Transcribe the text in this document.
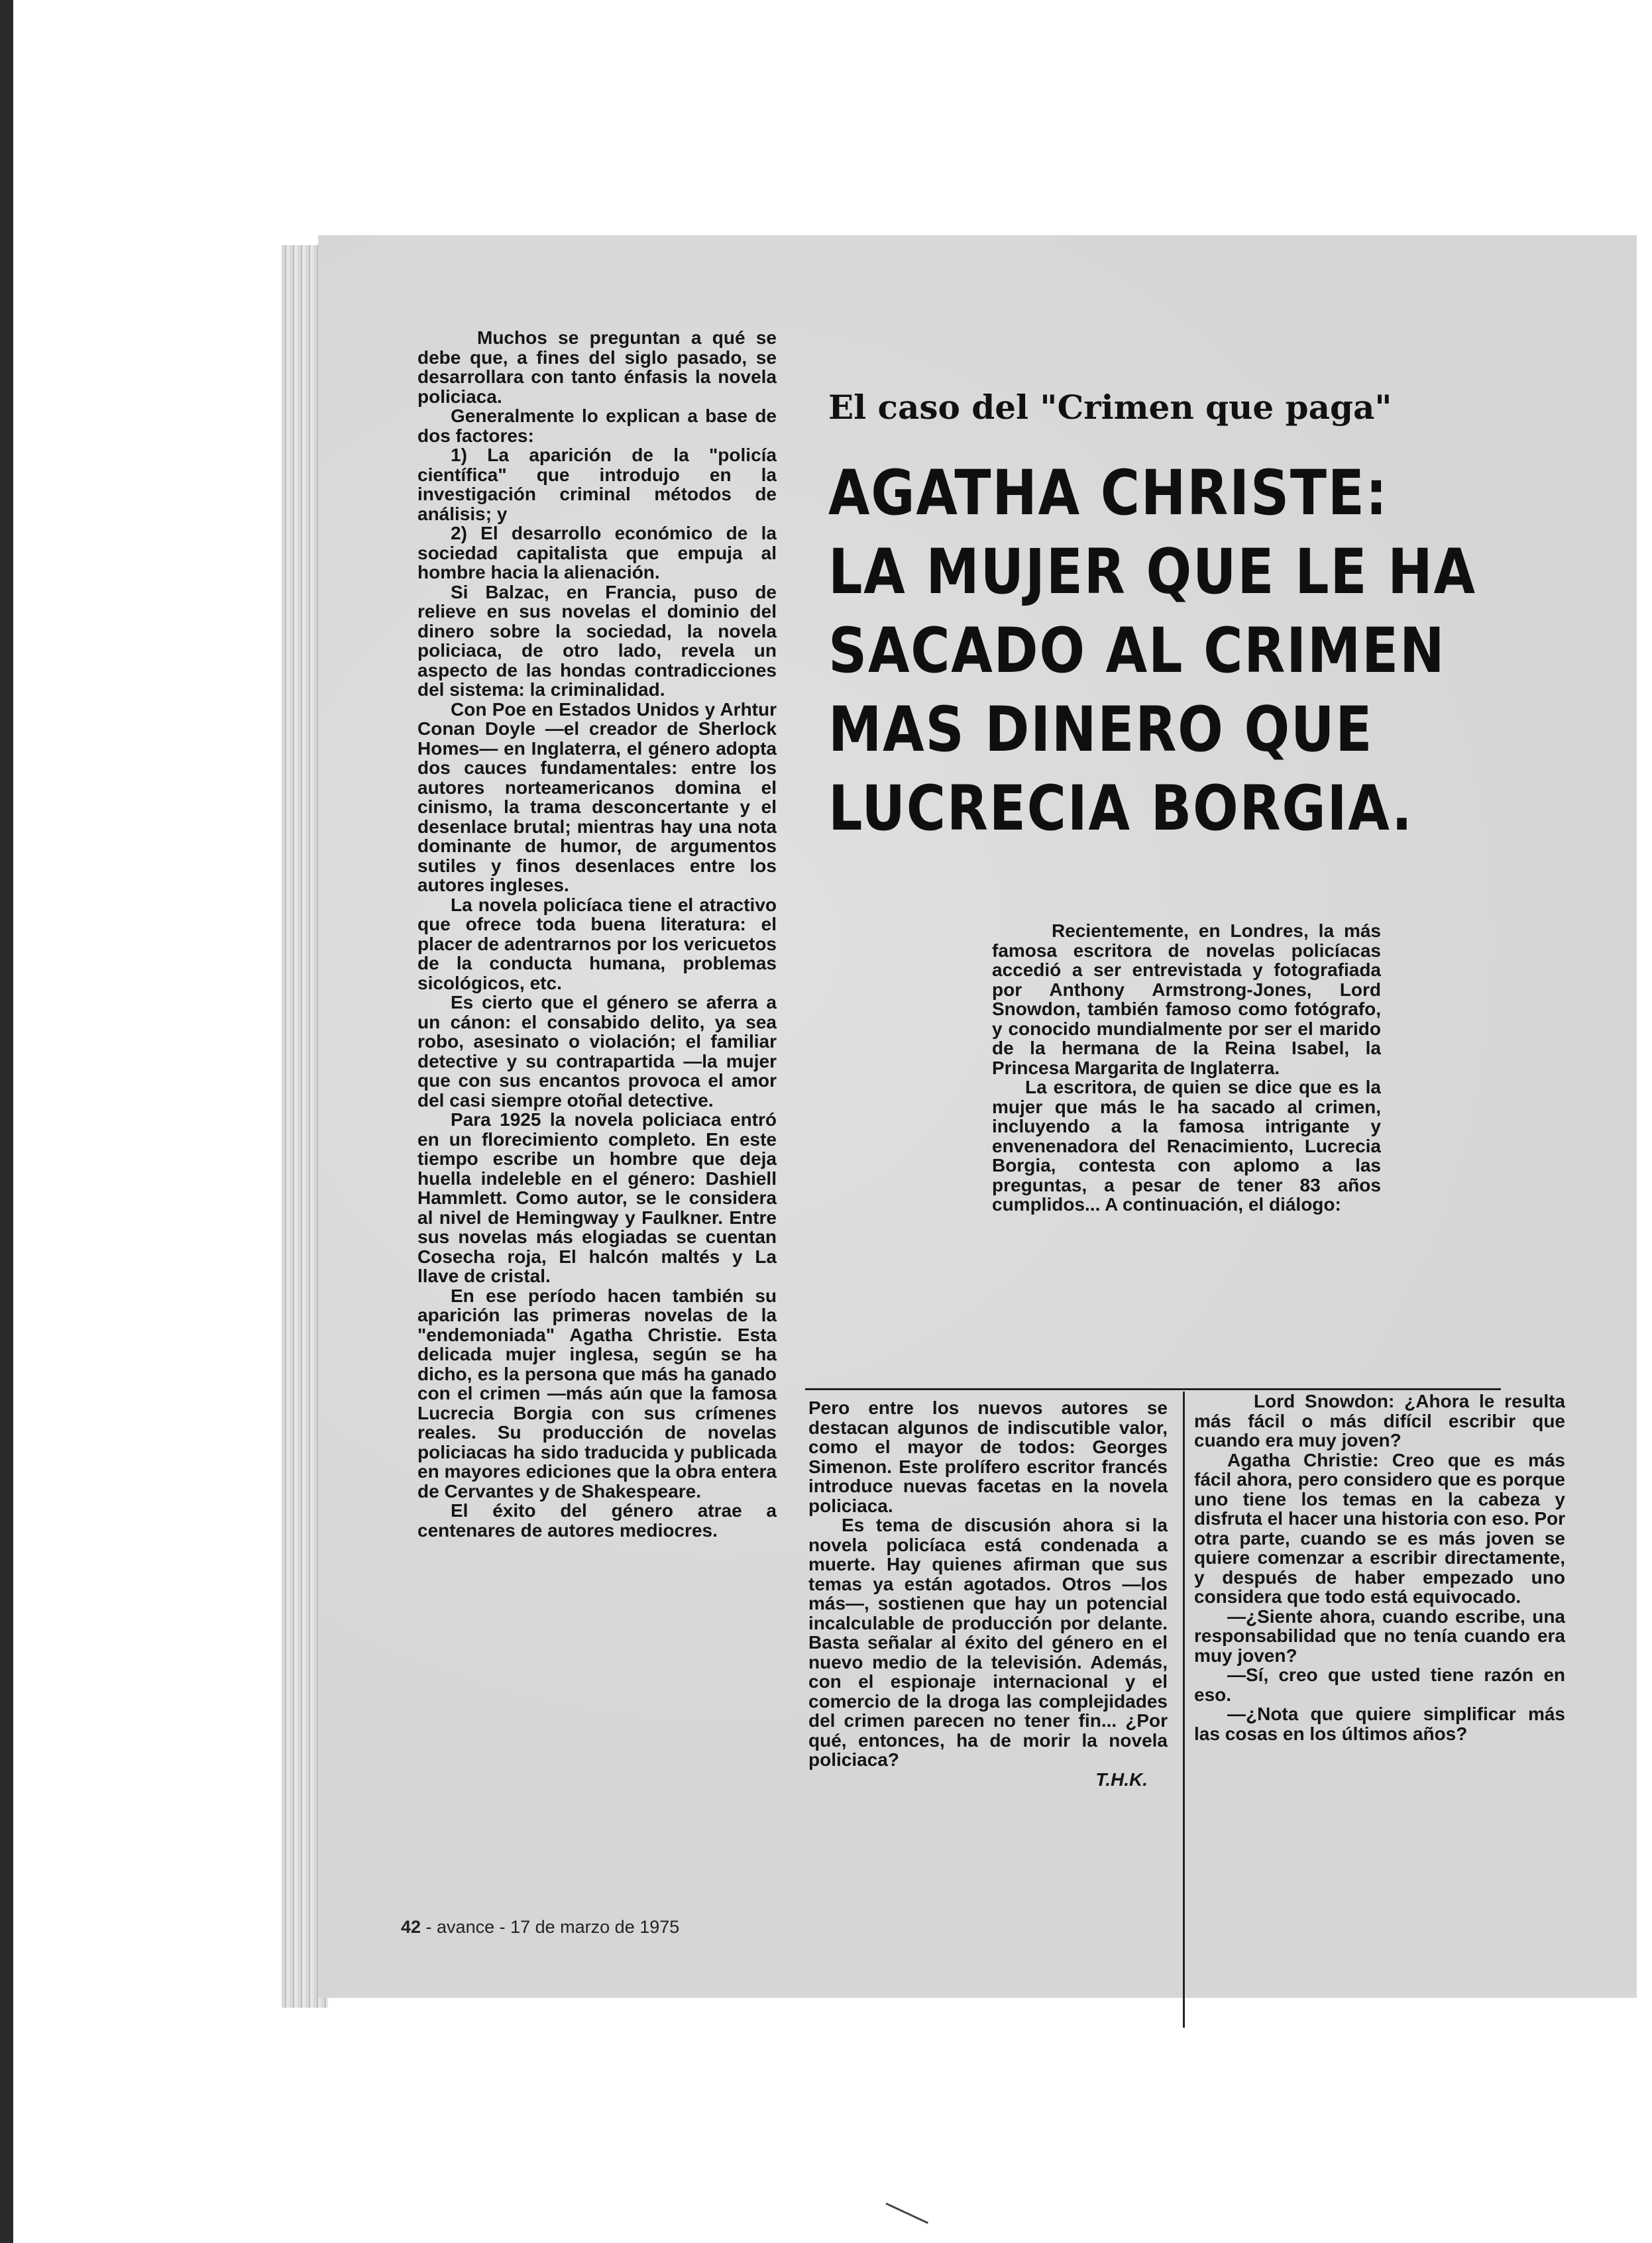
Muchos se preguntan a qué se debe que, a fines del siglo pasado, se desarrollara con tanto énfasis la novela policiaca.

Generalmente lo explican a base de dos factores:

1) La aparición de la "policía científica" que introdujo en la investigación criminal métodos de análisis; y

2) El desarrollo económico de la sociedad capitalista que empuja al hombre hacia la alienación.

Si Balzac, en Francia, puso de relieve en sus novelas el dominio del dinero sobre la sociedad, la novela policiaca, de otro lado, revela un aspecto de las hondas contradicciones del sistema: la criminalidad.

Con Poe en Estados Unidos y Arhtur Conan Doyle —el creador de Sherlock Homes— en Inglaterra, el género adopta dos cauces fundamentales: entre los autores norteamericanos domina el cinismo, la trama desconcertante y el desenlace brutal; mientras hay una nota dominante de humor, de argumentos sutiles y finos desenlaces entre los autores ingleses.

La novela policíaca tiene el atractivo que ofrece toda buena literatura: el placer de adentrarnos por los vericuetos de la conducta humana, problemas sicológicos, etc.

Es cierto que el género se aferra a un cánon: el consabido delito, ya sea robo, asesinato o violación; el familiar detective y su contrapartida —la mujer que con sus encantos provoca el amor del casi siempre otoñal detective.

Para 1925 la novela policiaca entró en un florecimiento completo. En este tiempo escribe un hombre que deja huella indeleble en el género: Dashiell Hammlett. Como autor, se le considera al nivel de Hemingway y Faulkner. Entre sus novelas más elogiadas se cuentan Cosecha roja, El halcón maltés y La llave de cristal.

En ese período hacen también su aparición las primeras novelas de la "endemoniada" Agatha Christie. Esta delicada mujer inglesa, según se ha dicho, es la persona que más ha ganado con el crimen —más aún que la famosa Lucrecia Borgia con sus crímenes reales. Su producción de novelas policiacas ha sido traducida y publicada en mayores ediciones que la obra entera de Cervantes y de Shakespeare.

El éxito del género atrae a centenares de autores mediocres.

El caso del "Crimen que paga"
AGATHA CHRISTE:
LA MUJER QUE LE HA
SACADO AL CRIMEN
MAS DINERO QUE
LUCRECIA BORGIA.

Recientemente, en Londres, la más famosa escritora de novelas policíacas accedió a ser entrevistada y fotografiada por Anthony Armstrong-Jones, Lord Snowdon, también famoso como fotógrafo, y conocido mundialmente por ser el marido de la hermana de la Reina Isabel, la Princesa Margarita de Inglaterra.

La escritora, de quien se dice que es la mujer que más le ha sacado al crimen, incluyendo a la famosa intrigante y envenenadora del Renacimiento, Lucrecia Borgia, contesta con aplomo a las preguntas, a pesar de tener 83 años cumplidos... A continuación, el diálogo:

Pero entre los nuevos autores se destacan algunos de indiscutible valor, como el mayor de todos: Georges Simenon. Este prolífero escritor francés introduce nuevas facetas en la novela policiaca.

Es tema de discusión ahora si la novela policíaca está condenada a muerte. Hay quienes afirman que sus temas ya están agotados. Otros —los más—, sostienen que hay un potencial incalculable de producción por delante. Basta señalar al éxito del género en el nuevo medio de la televisión. Además, con el espionaje internacional y el comercio de la droga las complejidades del crimen parecen no tener fin... ¿Por qué, entonces, ha de morir la novela policiaca?

T.H.K.

Lord Snowdon: ¿Ahora le resulta más fácil o más difícil escribir que cuando era muy joven?

Agatha Christie: Creo que es más fácil ahora, pero considero que es porque uno tiene los temas en la cabeza y disfruta el hacer una historia con eso. Por otra parte, cuando se es más joven se quiere comenzar a escribir directamente, y después de haber empezado uno considera que todo está equivocado.

—¿Siente ahora, cuando escribe, una responsabilidad que no tenía cuando era muy joven?

—Sí, creo que usted tiene razón en eso.

—¿Nota que quiere simplificar más las cosas en los últimos años?

42 - avance - 17 de marzo de 1975
